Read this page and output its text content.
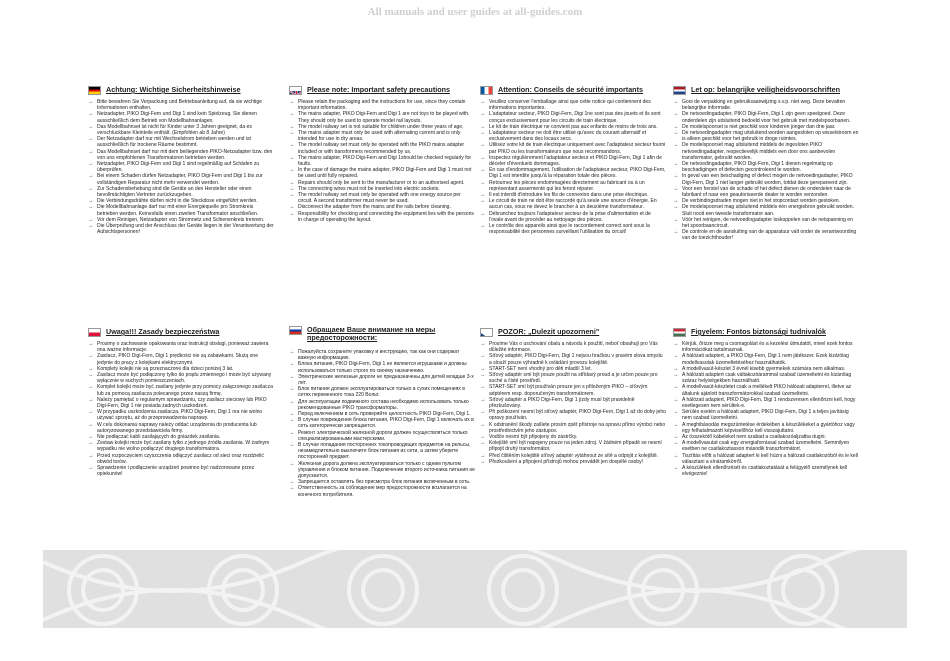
All manuals and user guides at all-guides.com
Achtung: Wichtige Sicherheitshinweise
→ Bitte bewahren Sie Verpackung und Betriebsanleitung auf, da sie wichtige Informationen enthalten.
→ Netzadapter, PIKO Digi-Fern und Digi 1 sind kein Spielzeug. Sie dienen ausschließlich dem Betrieb von Modellbahnanlagen.
→ Das Modellbahnset ist nicht für Kinder unter 3 Jahren geeignet, da es verschluckbare Kleinteile enthält. (Empfohlen ab 8 Jahre)
→ Der Netzadapter darf nur mit Wechselstrom betrieben werden und ist ausschließlich für trockene Räume bestimmt.
→ Das Modellbahnset darf nur mit dem beiliegenden PIKO-Netzadapter bzw. den von uns empfohlenen Transformatoren betrieben werden.
→ Netzadapter, PIKO Digi-Fern und Digi 1 sind regelmäßig auf Schäden zu überprüfen.
→ Bei einem Schaden dürfen Netzadapter, PIKO Digi-Fern und Digi 1 bis zur vollständigen Reparatur nicht mehr verwendet werden.
→ Zur Schadensbehebung sind die Geräte an den Hersteller oder einen bevollmächtigten Vertreter zurückzugeben.
→ Die Verbindungsdrähte dürfen nicht in die Steckdose eingeführt werden.
→ Die Modellbahnanlage darf nur mit einer Energiequelle pro Stromkreis betrieben werden. Keinesfalls einen zweiten Transformator anschließen.
→ Vor dem Reinigen, Netzadapter von Stromnetz und Schienenkreis trennen.
→ Die Überprüfung und der Anschluss der Geräte liegen in der Verantwortung der Aufsichtspersonen!
Please note: Important safety precautions
→ Please retain the packaging and the instructions for use, since they contain important information.
→ The mains adapter, PIKO Digi-Fern and Digi 1 are not toys to be played with. They should only be used to operate model rail layouts.
→ The model railway set is not suitable for children under three years of age.
→ The mains adapter must only be used with alternating current and is only intended for use in dry areas.
→ The model railway set must only be operated with the PIKO mains adapter included or with transformers recommended by us.
→ The mains adapter, PIKO Digi-Fern and Digi 1should be checked regularly for faults.
→ In the case of damage the mains adapter, PIKO Digi-Fern and Digi 1 must not be used until fully repaired.
→ Repairs should only be sent to the manufacturer or to an authorised agent.
→ The connecting wires must not be inserted into electric sockets.
→ The model railway set must only be operated with one energy source per circuit. A second transformer must never be used.
→ Disconnect the adapter from the mains and the rails before cleaning.
→ Responsibility for checking and connecting the equipment lies with the persons in charge of operating the layout.
Attention: Conseils de sécurité importants
→ Veuillez conserver l'emballage ainsi que cette notice qui contiennent des informations importantes.
→ L'adaptateur secteur, PIKO Digi-Fern, Digi 1ne sont pas des jouets et ils sont conçus exclusivement pour les circuits de train électrique.
→ Le kit de train électrique ne convient pas aux enfants de moins de trois ans.
→ L'adaptateur secteur ne doit être utilisé qu'avec du courant alternatif et exclusivement dans des locaux secs.
→ Utilisez votre kit de train électrique uniquement avec l'adaptateur secteur fourni par PIKO ou les transformateurs que nous recommandons.
→ Inspectez régulièrement l'adaptateur secteur et PIKO Digi-Fern, Digi 1 afin de déceler d'éventuels dommages.
→ En cas d'endommagement, l'utilisation de l'adaptateur secteur, PIKO Digi-Fern, Digi 1 est interdite jusqu'à la réparation totale des pièces.
→ Retournez les pièces endommagées directement au fabricant ou à un représentant assermenté qui les feront réparer.
→ Il est interdit d'introduire les fils de connexion dans une prise électrique.
→ Le circuit de train ne doit être raccordé qu'à seule une source d'énergie. En aucun cas, vous ne devez le brancher à un deuxième transformateur.
→ Débranchez toujours l'adaptateur secteur de la prise d'alimentation et de l'ovale avant de procéder au nettoyage des pièces.
→ Le contrôle des appareils ainsi que le raccordement correct sont sous la responsabilité des personnes surveillant l'utilisation du circuit!
Let op: belangrijke veiligheidsvoorschriften
→ Gooi de verpakking en gebruiksaanwijzing s.v.p. niet weg. Deze bevatten belangrijke informatie.
→ De netvoedingadapter, PIKO Digi-Fern, Digi 1 zijn geen speelgoed. Deze onderdelen zijn uitsluitend bedoeld voor het gebruik met modelspoorbanen.
→ De modelspoorset is niet geschikt voor kinderen jonger dan drie jaar.
→ De netvoedingadapter mag uitsluitend worden aangesloten op wisselstroom en is alleen geschikt voor het gebruik in droge ruimtes.
→ De modelspoorset mag uitsluitend middels de ingesloten PIKO netvoedingadapter, respectievelijk middels een door ons aanbevolen transformator, gebruikt worden.
→ De netvoedingadapter, PIKO Digi-Fern, Digi 1 dienen regelmatig op beschadigingen of defecten gecontroleerd te worden.
→ In geval van een beschadiging of defect mogen de netvoedingadapter, PIKO Digi-Fern, Digi 1 niet langer gebruikt worden, totdat deze gerepareerd zijn.
→ Voor een herstel van de schade of het defect dienen de onderdelen naar de fabrikant of naar een geautoriseerde dealer te worden verzonden.
→ De verbindingsdraden mogen niet in het stopcontact worden gestoken.
→ De modelspoorset mag uitsluitend middels één energiebron gebruikt worden. Sluit nooit een tweede transformator aan.
→ Vóór het reinigen, de netvoedingadapter loskoppelen van de netspanning en het spoorbaancircuit.
→ De controle en de aansluiting van de apparatuur valt onder de verantwoording van de toezichthouder!
Uwaga!!! Zasady bezpieczeństwa
→ Prosimy o zachowanie opakowania oraz instrukcji obsługi, ponieważ zawiera ona ważne informacje.
→ Zasilacz, PIKO Digi-Fern, Digi 1 prędkości nie są zabawkami. Służą one jedynie do pracy z kolejkami elektrycznymi.
→ Komplety kolejki nie są przeznaczone dla dzieci poniżej 3 lat.
→ Zasilacz może być podłączony tylko do prądu zmiennego i może być używany wyłącznie w suchych pomieszczeniach.
→ Komplet kolejki może być zasilany jedynie przy pomocy załączonego zasilacza lub za pomocą zasilacza polecanego przez naszą firmę.
→ Należy pamiętać o regularnym sprawdzaniu, czy zasilacz sieciowy lub PIKO Digi-Fern, Digi 1 nie posiada żadnych uszkodzeń.
→ W przypadku uszkodzenia zasilacza, PIKO Digi-Fern, Digi 1 ora nie wolno używać sprzętu, aż do przeprowadzenia naprawy.
→ W celu dokonania naprawy należy oddać urządzenia do producenta lub autoryzowanego przedstawiciela firmy.
→ Nie podłączać kabli zasilających do gniazdek zasilania.
→ Zestaw kolejki może być zasilany tylko z jednego źródła zasilania. W żadnym wypadku nie wolno podłączyć drugiego transformatora.
→ Przed rozpoczęciem czyszczenia odłączyć zasilacz od sieci oraz rozdzielić obwód torów.
→ Sprawdzenie i podłączenie urządzeń powinno być nadzorowane przez opiekunów!
Обращаем Ваше внимание на меры предосторожности:
→ Пожалуйста сохраните упаковку и инструкцию, так как они содержат важную информацию.
→ Блока питания, PIKO Digi-Fern, Digi 1 не являются игрушками и должны использоваться только строго по своему назначению.
→ Электрические железные дороги не предназначены для детей младше 3-х лет.
→ Блок питания должен эксплуатироваться только в сухих помещениях в сетях переменного тока 220 Вольт.
→ Для эксплуатации подвижного состава необходимо использовать только рекомендованные PIKO трансформаторы.
→ Перед включением в сеть проверяйте целостность PIKO Digi-Fern, Digi 1.
→ В случае повреждения блока питания, PIKO Digi-Fern, Digi 1 включать их в сеть категорически запрещается.
→ Ремонт электрической железной дороги должен осуществляться только специализированными мастерскими.
→ В случае попадания посторонних токопроводящих предметов на рельсы, незамедлительно выключите блок питания из сети, а затем уберите посторонний предмет.
→ Железная дорога должна эксплуатироваться только с одним пультом управления и блоком питания. Подключение второго источника питания не допускается.
→ Запрещается оставлять без присмотра блок питания включенным в сеть.
→ Ответственность за соблюдение мер предосторожности возлагается на конечного потребителя.
POZOR: „Dulezit upozorneni"
→ Prosíme Vás o uschování obalu a návodu k použití, neboť obsahují pro Vás důležité informace.
→ Síťový adaptér, PIKO Digi-Fern, Digi 1 nejsou hračkou v pravém slova smyslu a slouží pouze výhradně k ovládání provozu kolejiště.
→ START-SET není vhodný pro děti mladší 3 let.
→ Síťový adaptér smí být pouze použit na střídavý proud a je určen pouze pro suché a čisté prostředí.
→ START-SET smí být používán prouze jen s přiloženým PIKO – síťovým adptérem resp. doporučeným transformátorem.
→ Síťový adaptér a PIKO Digi-Fern, Digi 1 jízdy musí být pravidelně přezkušovány.
→ Při poškození nesmí být síťový adaptér, PIKO Digi-Fern, Digi 1 až do doby jeho opravy používán.
→ K odstranění škody zašlete prosím zpět přístroje na opravu přímo výrobci nebo prostřednictvím jeho zástupce.
→ Vodiče nesmí být připojeny do zástrčky.
→ Kolejiště smí být napojeny pouze na jeden zdroj. V žádném případě se nesmí připojit druhý transformátor.
→ Před čištěním kolejiště síťový adaptér vytáhnout ze sítě a odpojit z kolejiště.
→ Přezkoušení a připojení přístrojů mohou provádět jen dospělé osoby!
Figyelem: Fontos biztonsági tudnivalók
→ Kérjük, őrizze meg a csomagolást és a kezelési útmutatót, mivel ezek fontos információkat tartalmaznak.
→ A hálózati adaptert, a PIKO Digi-Fern, Digi 1 nem játékszer. Ezek kizárólag modellvasutak üzemeltetéséhez használhatók.
→ A modellvasút-készlet 3 évnél kisebb gyermekek számára nem alkalmas.
→ A hálózati adaptert csak váltakozóárammal szabad üzemeltetni és kizárólag száraz helyiségekben használható.
→ A modellvasút-készletet csak a mellékelt PIKO hálózati adapterrel, illetve az általunk ajánlott transzformátorokkal szabad üzemeltetni.
→ A hálózati adaptert, PIKO Digi-Fern, Digi 1 rendszeresen ellenőrizni kell, hogy esetlegesen nem sérültek-e.
→ Sérülés esetén a hálózati adaptert, PIKO Digi-Fern, Digi 1 a teljes javításig nem szabad üzemeltetni.
→ A meghibásodás megszüntetése érdekében a készülékeket a gyártóhoz vagy egy felhatalmazott képviselőhöz kell visszajuttatni.
→ Az összekötő kábeleket nem szabad a csatlakozóaljzatba dugni.
→ A modellvasutat csak egy energiaforrással szabad üzemeltetni. Semmilyen esetben ne csatlakoztasson második transzformátort.
→ Tisztítás előtt a hálózati adaptert ki kell húzni a hálózati csatlakozóból és le kell választani a sínáramkörről.
→ A készülékek ellenőrzését és csatlakoztatását a felügyelő személynek kell elvégeznie!
